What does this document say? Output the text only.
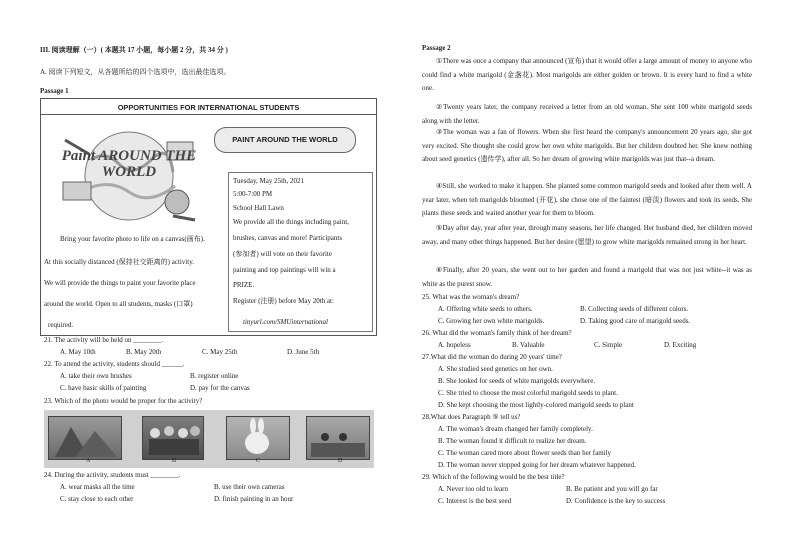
III. 阅读理解（一）( 本题共 17 小题，每小题 2 分，共 34 分 )
A. 阅读下列短文，从各题所给的四个选项中，选出最佳选项。
Passage 1
OPPORTUNITIES FOR INTERNATIONAL STUDENTS
Paint AROUND THE WORLD
PAINT AROUND THE WORLD
Bring your favorite photo to life on a canvas(画布).
At this socially distanced (保持社交距离的) activity.
We will provide the things to paint your favorite place
around the world. Open to all students, masks (口罩)
required.
Tuesday, May 25th, 2021
5:00-7:00 PM
School Hall Lawn
We provide all the things including paint,
brushes, canvas and more! Participants
(参加者) will vote on their favorite
painting and top paintings will win a
PRIZE.
Register (注册) before May 20th at:
tinyurl.com/SMUinternational
21. The activity will be held on ________.
A. May 10th	B. May 20th	C. May 25th	D. June 5th
22. To attend the activity, students should ______.
A. take their own brushes	B. register online
C. have basic skills of painting	D. pay for the canvas
23. Which of the photo would be proper for the activity?
A	B	C	D
24. During the activity, students must ________.
A. wear masks all the time	B. use their own cameras
C. stay close to each other	D. finish painting in an hour
Passage 2
①There was once a company that announced (宣布) that it would offer a large amount of money to anyone who could find a white marigold (金盏花). Most marigolds are either golden or brown. It is every hard to find a white one.
②Twenty years later, the company received a letter from an old woman. She sent 100 white marigold seeds along with the letter.
③The woman was a fan of flowers. When she first heard the company's announcement 20 years ago, she got very excited. She thought she could grow her own white marigolds. But her children doubted her. She knew nothing about seed genetics (遗传学), after all. So her dream of growing white marigolds was just that--a dream.
④Still, she worked to make it happen. She planted some common marigold seeds and looked after them well. A year later, when teh marigolds bloomed (开花), she chose one of the faintest (暗淡) flowers and took its seeds. She plants these seeds and waited another year for them to bloom.
⑤Day after day, year after year, through many seasons, her life changed. Her husband died, her children moved away, and many other things happened. But her desire (愿望) to grow white marigolds remained strong in her heart.
⑥Finally, after 20 years, she went out to her garden and found a marigold that was not just white--it was as white as the purest snow.
25. What was the woman's dream?
A. Offering white seeds to others.	B. Collecting seeds of different colors.
C. Growing her own white marigolds.	D. Taking good care of marigold seeds.
26. What did the woman's family think of her dream?
A. hopeless	B. Valuable	C. Simple	D. Exciting
27.What did the woman do during 20 years' time?
A. She studied seed genetics on her own.
B. She looked for seeds of white marigolds everywhere.
C. She tried to choose the most colorful marigold seeds to plant.
D. She kept choosing the most lightly-colored marigold seeds to plant
28.What does Paragraph ⑤ tell us?
A. The woman's dream changed her family completely.
B. The woman found it difficult to realize her dream.
C. The woman cared more about flower seeds than her family
D. The woman never stopped going for her dream whatever happened.
29. Which of the following would be the best title?
A. Never too old to learn	B. Be patient and you will go far
C. Interest is the best seed	D. Confidence is the key to success
